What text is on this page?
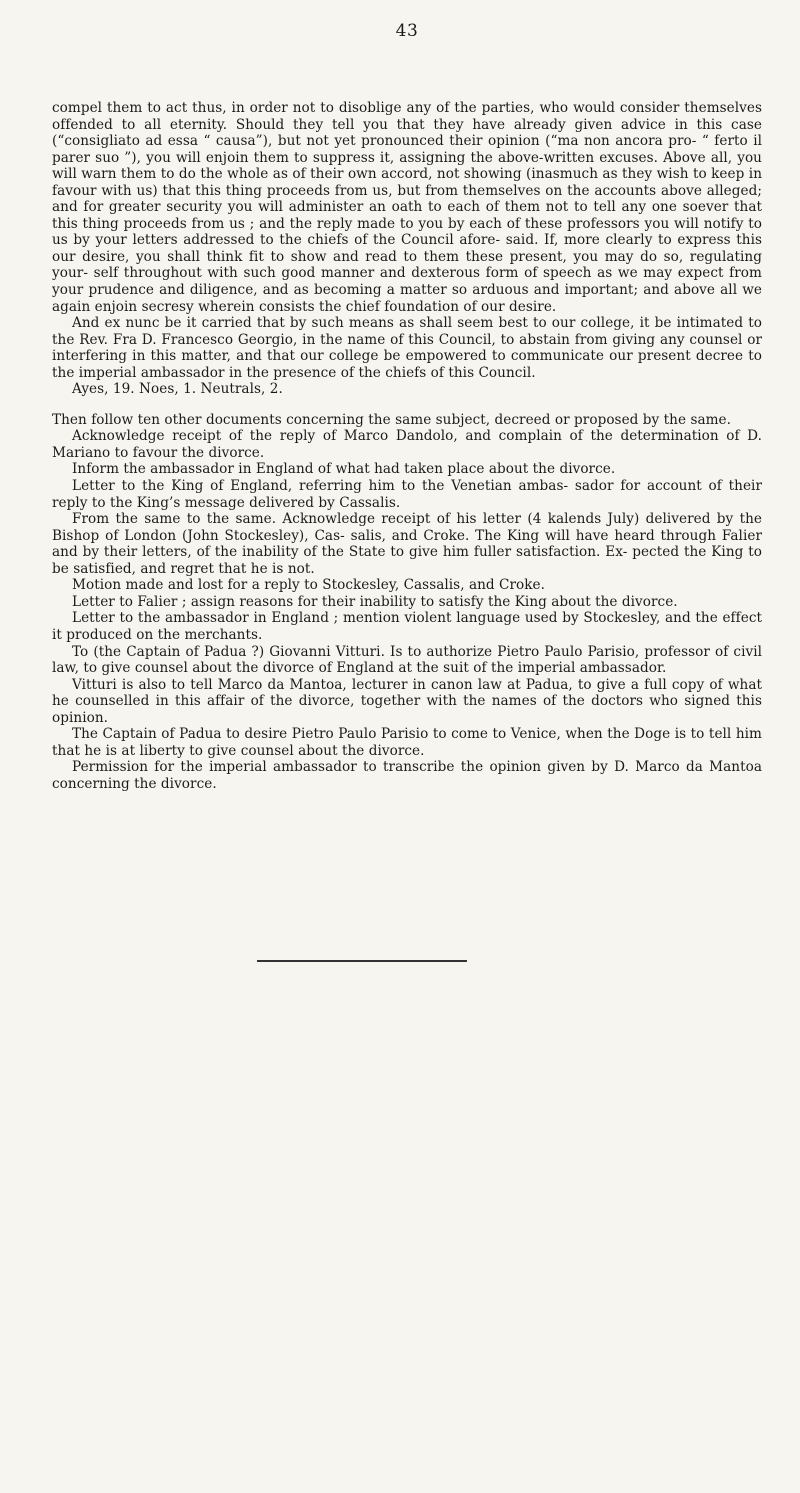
43

compel them to act thus, in order not to disoblige any of the parties, who would consider themselves offended to all eternity. Should they tell you that they have already given advice in this case (“consigliato ad essa “ causa”), but not yet pronounced their opinion (“ma non ancora pro- “ ferto il parer suo ”), you will enjoin them to suppress it, assigning the above-written excuses. Above all, you will warn them to do the whole as of their own accord, not showing (inasmuch as they wish to keep in favour with us) that this thing proceeds from us, but from themselves on the accounts above alleged; and for greater security you will administer an oath to each of them not to tell any one soever that this thing proceeds from us ; and the reply made to you by each of these professors you will notify to us by your letters addressed to the chiefs of the Council afore- said. If, more clearly to express this our desire, you shall think fit to show and read to them these present, you may do so, regulating your- self throughout with such good manner and dexterous form of speech as we may expect from your prudence and diligence, and as becoming a matter so arduous and important; and above all we again enjoin secresy wherein consists the chief foundation of our desire.

And ex nunc be it carried that by such means as shall seem best to our college, it be intimated to the Rev. Fra D. Francesco Georgio, in the name of this Council, to abstain from giving any counsel or interfering in this matter, and that our college be empowered to communicate our present decree to the imperial ambassador in the presence of the chiefs of this Council.

Ayes, 19. Noes, 1. Neutrals, 2.

Then follow ten other documents concerning the same subject, decreed or proposed by the same.

Acknowledge receipt of the reply of Marco Dandolo, and complain of the determination of D. Mariano to favour the divorce.

Inform the ambassador in England of what had taken place about the divorce.

Letter to the King of England, referring him to the Venetian ambas- sador for account of their reply to the King’s message delivered by Cassalis.

From the same to the same. Acknowledge receipt of his letter (4 kalends July) delivered by the Bishop of London (John Stockesley), Cas- salis, and Croke. The King will have heard through Falier and by their letters, of the inability of the State to give him fuller satisfaction. Ex- pected the King to be satisfied, and regret that he is not.

Motion made and lost for a reply to Stockesley, Cassalis, and Croke.

Letter to Falier ; assign reasons for their inability to satisfy the King about the divorce.

Letter to the ambassador in England ; mention violent language used by Stockesley, and the effect it produced on the merchants.

To (the Captain of Padua ?) Giovanni Vitturi. Is to authorize Pietro Paulo Parisio, professor of civil law, to give counsel about the divorce of England at the suit of the imperial ambassador.

Vitturi is also to tell Marco da Mantoa, lecturer in canon law at Padua, to give a full copy of what he counselled in this affair of the divorce, together with the names of the doctors who signed this opinion.

The Captain of Padua to desire Pietro Paulo Parisio to come to Venice, when the Doge is to tell him that he is at liberty to give counsel about the divorce.

Permission for the imperial ambassador to transcribe the opinion given by D. Marco da Mantoa concerning the divorce.
